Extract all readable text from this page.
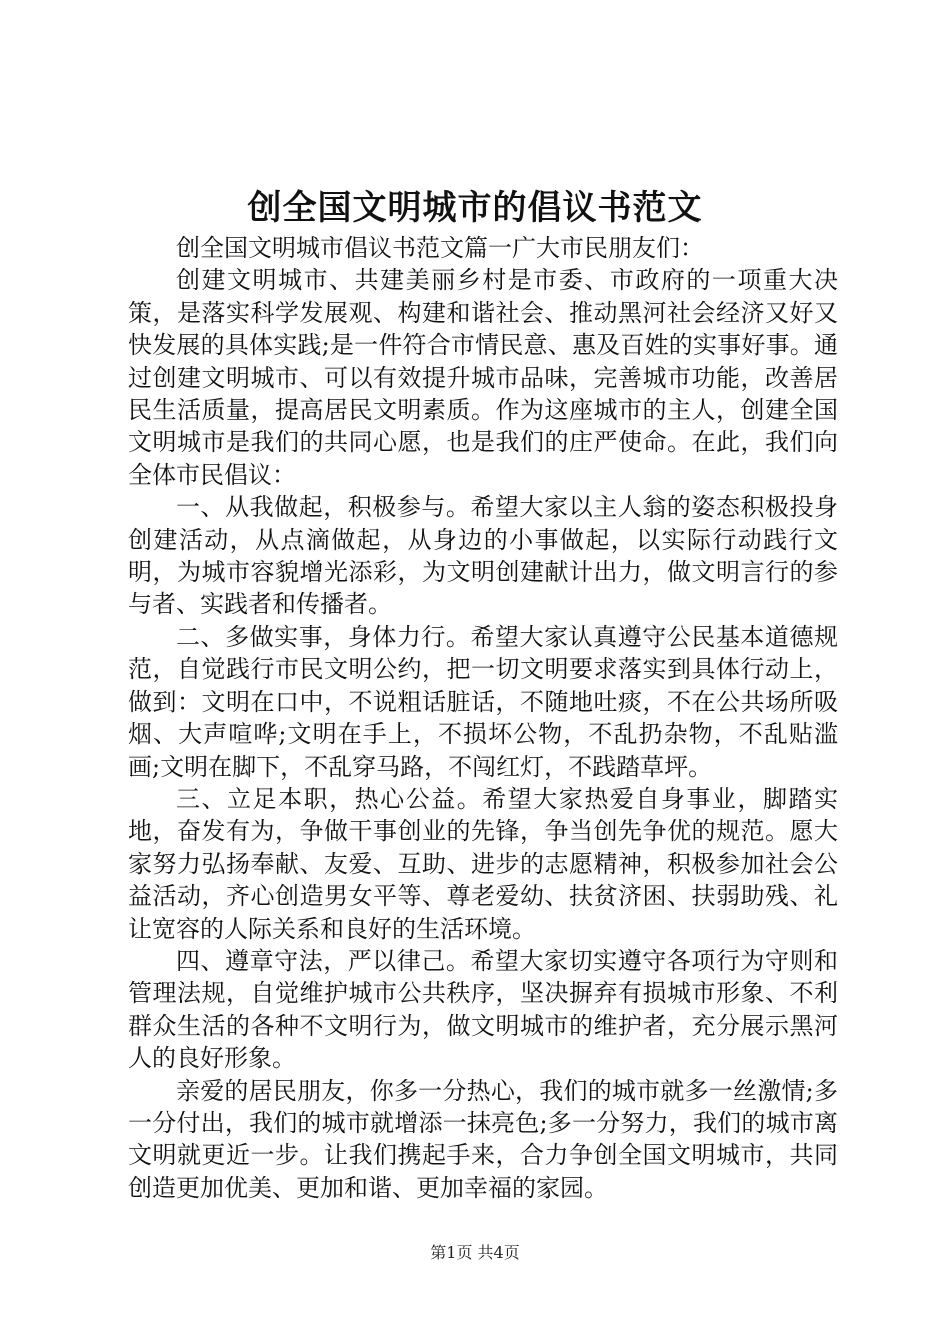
创全国文明城市的倡议书范文

创全国文明城市倡议书范文篇一广大市民朋友们：

创建文明城市、共建美丽乡村是市委、市政府的一项重大决策，是落实科学发展观、构建和谐社会、推动黑河社会经济又好又快发展的具体实践;是一件符合市情民意、惠及百姓的实事好事。通过创建文明城市、可以有效提升城市品味，完善城市功能，改善居民生活质量，提高居民文明素质。作为这座城市的主人，创建全国文明城市是我们的共同心愿，也是我们的庄严使命。在此，我们向全体市民倡议：

一、从我做起，积极参与。希望大家以主人翁的姿态积极投身创建活动，从点滴做起，从身边的小事做起，以实际行动践行文明，为城市容貌增光添彩，为文明创建献计出力，做文明言行的参与者、实践者和传播者。

二、多做实事，身体力行。希望大家认真遵守公民基本道德规范，自觉践行市民文明公约，把一切文明要求落实到具体行动上，做到：文明在口中，不说粗话脏话，不随地吐痰，不在公共场所吸烟、大声喧哗;文明在手上，不损坏公物，不乱扔杂物，不乱贴滥画;文明在脚下，不乱穿马路，不闯红灯，不践踏草坪。

三、立足本职，热心公益。希望大家热爱自身事业，脚踏实地，奋发有为，争做干事创业的先锋，争当创先争优的规范。愿大家努力弘扬奉献、友爱、互助、进步的志愿精神，积极参加社会公益活动，齐心创造男女平等、尊老爱幼、扶贫济困、扶弱助残、礼让宽容的人际关系和良好的生活环境。

四、遵章守法，严以律己。希望大家切实遵守各项行为守则和管理法规，自觉维护城市公共秩序，坚决摒弃有损城市形象、不利群众生活的各种不文明行为，做文明城市的维护者，充分展示黑河人的良好形象。

亲爱的居民朋友，你多一分热心，我们的城市就多一丝激情;多一分付出，我们的城市就增添一抹亮色;多一分努力，我们的城市离文明就更近一步。让我们携起手来，合力争创全国文明城市，共同创造更加优美、更加和谐、更加幸福的家园。

第1页 共4页
